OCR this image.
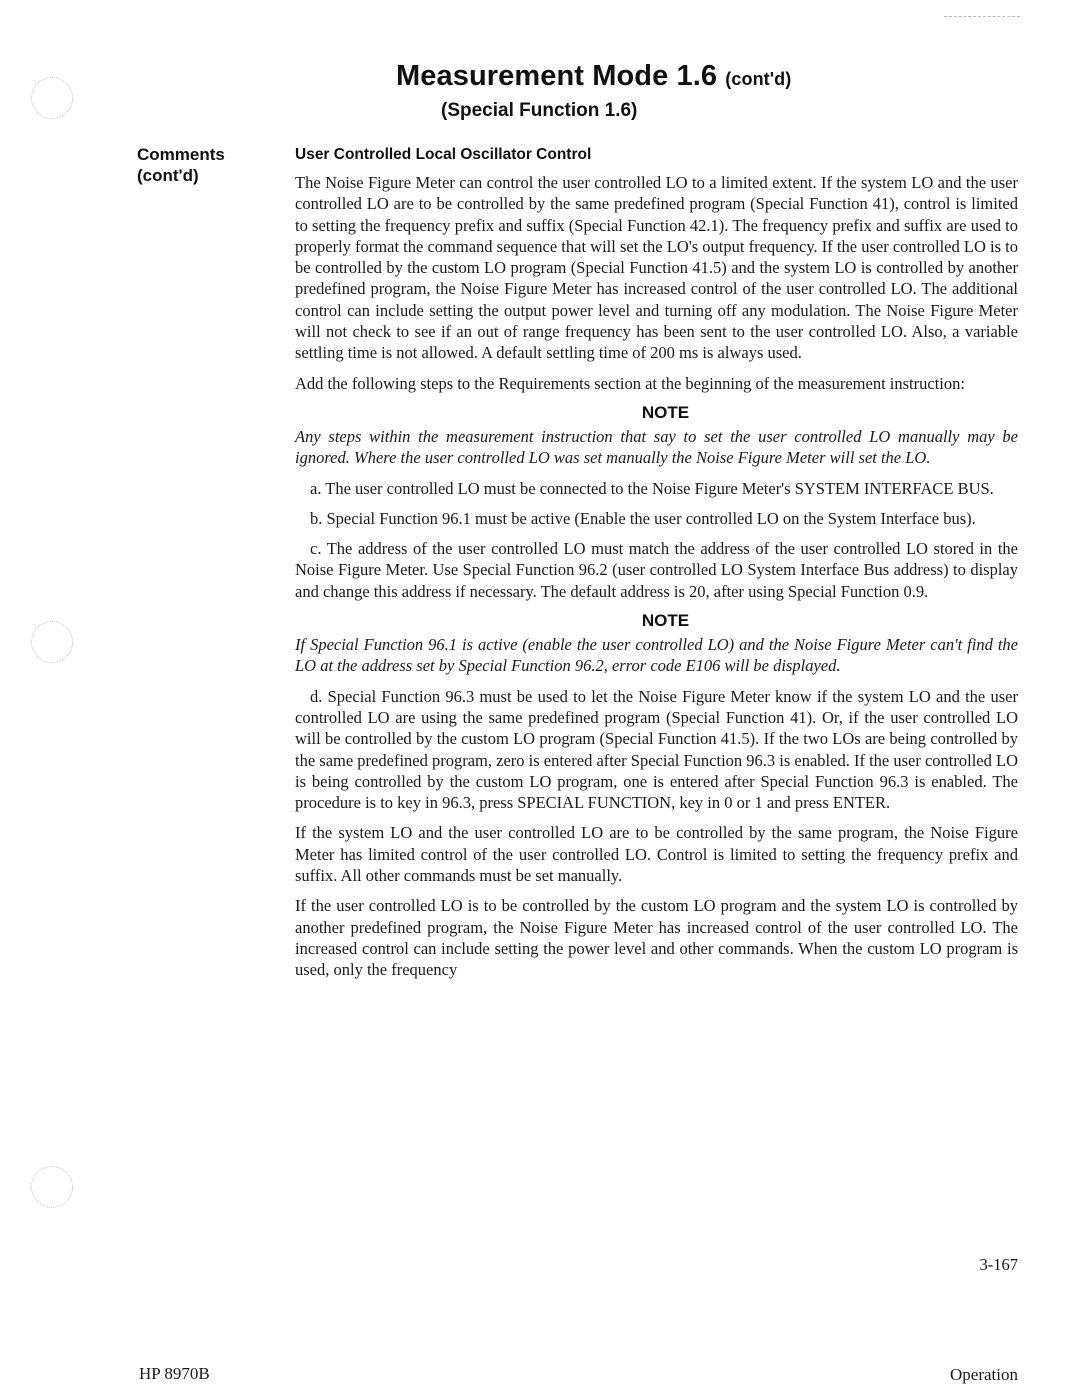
Measurement Mode 1.6 (cont'd)
(Special Function 1.6)
Comments
(cont'd)
User Controlled Local Oscillator Control

The Noise Figure Meter can control the user controlled LO to a limited extent. If the system LO and the user controlled LO are to be controlled by the same predefined program (Special Function 41), control is limited to setting the frequency prefix and suffix (Special Function 42.1). The frequency prefix and suffix are used to properly format the command sequence that will set the LO's output frequency. If the user controlled LO is to be controlled by the custom LO program (Special Function 41.5) and the system LO is controlled by another predefined program, the Noise Figure Meter has increased control of the user controlled LO. The additional control can include setting the output power level and turning off any modulation. The Noise Figure Meter will not check to see if an out of range frequency has been sent to the user controlled LO. Also, a variable settling time is not allowed. A default settling time of 200 ms is always used.

Add the following steps to the Requirements section at the beginning of the measurement instruction:

NOTE

Any steps within the measurement instruction that say to set the user controlled LO manually may be ignored. Where the user controlled LO was set manually the Noise Figure Meter will set the LO.

a. The user controlled LO must be connected to the Noise Figure Meter's SYSTEM INTERFACE BUS.

b. Special Function 96.1 must be active (Enable the user controlled LO on the System Interface bus).

c. The address of the user controlled LO must match the address of the user controlled LO stored in the Noise Figure Meter. Use Special Function 96.2 (user controlled LO System Interface Bus address) to display and change this address if necessary. The default address is 20, after using Special Function 0.9.

NOTE

If Special Function 96.1 is active (enable the user controlled LO) and the Noise Figure Meter can't find the LO at the address set by Special Function 96.2, error code E106 will be displayed.

d. Special Function 96.3 must be used to let the Noise Figure Meter know if the system LO and the user controlled LO are using the same predefined program (Special Function 41). Or, if the user controlled LO will be controlled by the custom LO program (Special Function 41.5). If the two LOs are being controlled by the same predefined program, zero is entered after Special Function 96.3 is enabled. If the user controlled LO is being controlled by the custom LO program, one is entered after Special Function 96.3 is enabled. The procedure is to key in 96.3, press SPECIAL FUNCTION, key in 0 or 1 and press ENTER.

If the system LO and the user controlled LO are to be controlled by the same program, the Noise Figure Meter has limited control of the user controlled LO. Control is limited to setting the frequency prefix and suffix. All other commands must be set manually.

If the user controlled LO is to be controlled by the custom LO program and the system LO is controlled by another predefined program, the Noise Figure Meter has increased control of the user controlled LO. The increased control can include setting the power level and other commands. When the custom LO program is used, only the frequency

3-167
HP 8970B	Operation
